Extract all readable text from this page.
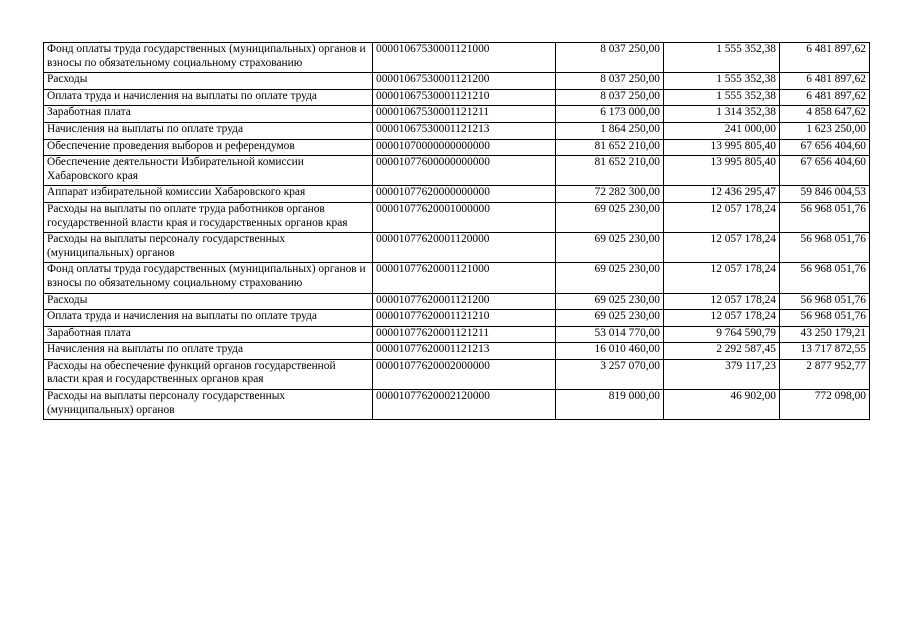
Фонд оплаты труда государственных (муниципальных) органов и взносы по обязательному социальному страхованию	00001067530001121000	8 037 250,00	1 555 352,38	6 481 897,62
Расходы	00001067530001121200	8 037 250,00	1 555 352,38	6 481 897,62
Оплата труда и начисления на выплаты по оплате труда	00001067530001121210	8 037 250,00	1 555 352,38	6 481 897,62
Заработная плата	00001067530001121211	6 173 000,00	1 314 352,38	4 858 647,62
Начисления на выплаты по оплате труда	00001067530001121213	1 864 250,00	241 000,00	1 623 250,00
Обеспечение проведения выборов и референдумов	00001070000000000000	81 652 210,00	13 995 805,40	67 656 404,60
Обеспечение деятельности Избирательной комиссии Хабаровского края	00001077600000000000	81 652 210,00	13 995 805,40	67 656 404,60
Аппарат избирательной комиссии Хабаровского края	00001077620000000000	72 282 300,00	12 436 295,47	59 846 004,53
Расходы на выплаты по оплате труда работников органов государственной власти края и государственных органов края	00001077620001000000	69 025 230,00	12 057 178,24	56 968 051,76
Расходы на выплаты персоналу государственных (муниципальных) органов	00001077620001120000	69 025 230,00	12 057 178,24	56 968 051,76
Фонд оплаты труда государственных (муниципальных) органов и взносы по обязательному социальному страхованию	00001077620001121000	69 025 230,00	12 057 178,24	56 968 051,76
Расходы	00001077620001121200	69 025 230,00	12 057 178,24	56 968 051,76
Оплата труда и начисления на выплаты по оплате труда	00001077620001121210	69 025 230,00	12 057 178,24	56 968 051,76
Заработная плата	00001077620001121211	53 014 770,00	9 764 590,79	43 250 179,21
Начисления на выплаты по оплате труда	00001077620001121213	16 010 460,00	2 292 587,45	13 717 872,55
Расходы на обеспечение функций органов государственной власти края и государственных органов края	00001077620002000000	3 257 070,00	379 117,23	2 877 952,77
Расходы на выплаты персоналу государственных (муниципальных) органов	00001077620002120000	819 000,00	46 902,00	772 098,00
